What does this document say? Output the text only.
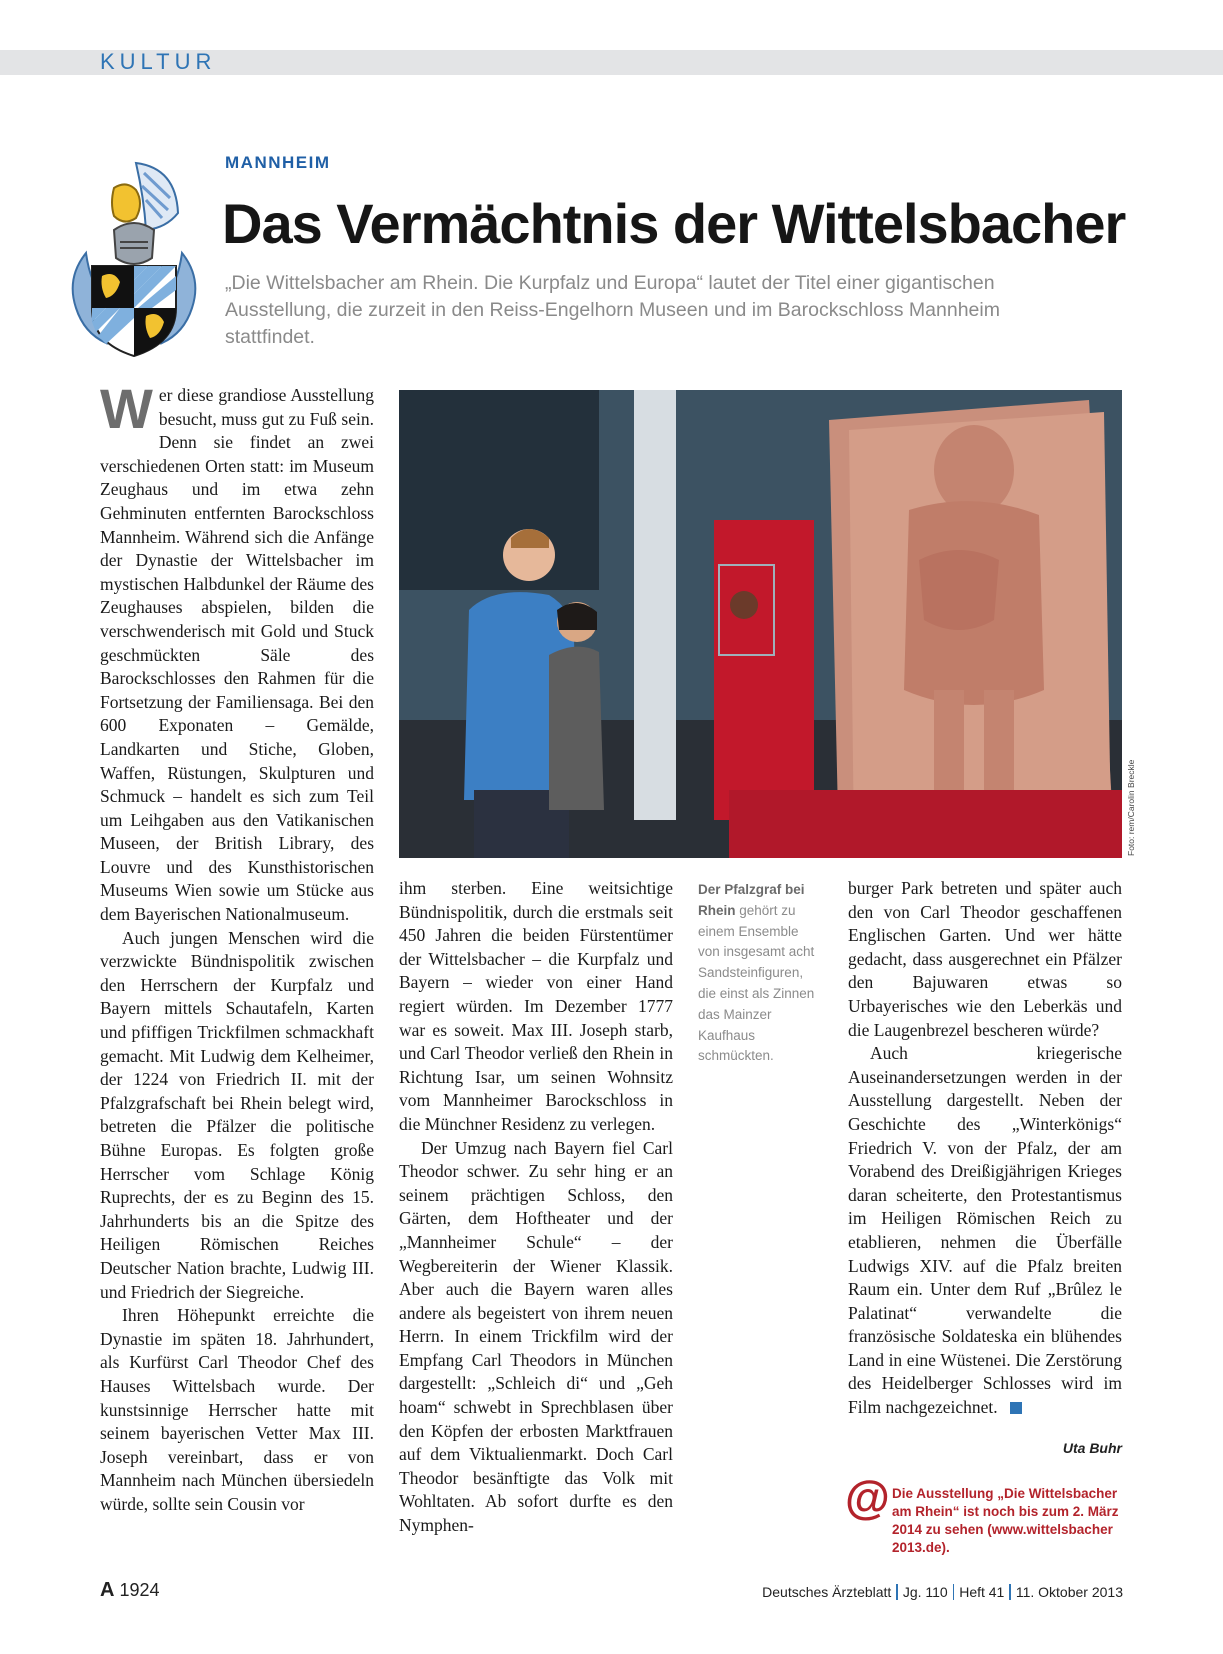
KULTUR
MANNHEIM
Das Vermächtnis der Wittelsbacher
„Die Wittelsbacher am Rhein. Die Kurpfalz und Europa“ lautet der Titel einer gigantischen Ausstellung, die zurzeit in den Reiss-Engelhorn Museen und im Barockschloss Mannheim stattfindet.

Wer diese grandiose Ausstellung besucht, muss gut zu Fuß sein. Denn sie findet an zwei verschiedenen Orten statt: im Museum Zeughaus und im etwa zehn Gehminuten entfernten Barockschloss Mannheim. Während sich die Anfänge der Dynastie der Wittelsbacher im mystischen Halbdunkel der Räume des Zeughauses abspielen, bilden die verschwenderisch mit Gold und Stuck geschmückten Säle des Barockschlosses den Rahmen für die Fortsetzung der Familiensaga. Bei den 600 Exponaten – Gemälde, Landkarten und Stiche, Globen, Waffen, Rüstungen, Skulpturen und Schmuck – handelt es sich zum Teil um Leihgaben aus den Vatikanischen Museen, der British Library, des Louvre und des Kunsthistorischen Museums Wien sowie um Stücke aus dem Bayerischen Nationalmuseum.

Auch jungen Menschen wird die verzwickte Bündnispolitik zwischen den Herrschern der Kurpfalz und Bayern mittels Schautafeln, Karten und pfiffigen Trickfilmen schmackhaft gemacht. Mit Ludwig dem Kelheimer, der 1224 von Friedrich II. mit der Pfalzgrafschaft bei Rhein belegt wird, betreten die Pfälzer die politische Bühne Europas. Es folgten große Herrscher vom Schlage König Ruprechts, der es zu Beginn des 15. Jahrhunderts bis an die Spitze des Heiligen Römischen Reiches Deutscher Nation brachte, Ludwig III. und Friedrich der Siegreiche.

Ihren Höhepunkt erreichte die Dynastie im späten 18. Jahrhundert, als Kurfürst Carl Theodor Chef des Hauses Wittelsbach wurde. Der kunstsinnige Herrscher hatte mit seinem bayerischen Vetter Max III. Joseph vereinbart, dass er von Mannheim nach München übersiedeln würde, sollte sein Cousin vor

Foto: rem/Carolin Breckle
Der Pfalzgraf bei Rhein gehört zu einem Ensemble von insgesamt acht Sandsteinfiguren, die einst als Zinnen das Mainzer Kaufhaus schmückten.

ihm sterben. Eine weitsichtige Bündnispolitik, durch die erstmals seit 450 Jahren die beiden Fürstentümer der Wittelsbacher – die Kurpfalz und Bayern – wieder von einer Hand regiert würden. Im Dezember 1777 war es soweit. Max III. Joseph starb, und Carl Theodor verließ den Rhein in Richtung Isar, um seinen Wohnsitz vom Mannheimer Barockschloss in die Münchner Residenz zu verlegen.

Der Umzug nach Bayern fiel Carl Theodor schwer. Zu sehr hing er an seinem prächtigen Schloss, den Gärten, dem Hoftheater und der „Mannheimer Schule“ – der Wegbereiterin der Wiener Klassik. Aber auch die Bayern waren alles andere als begeistert von ihrem neuen Herrn. In einem Trickfilm wird der Empfang Carl Theodors in München dargestellt: „Schleich di“ und „Geh hoam“ schwebt in Sprechblasen über den Köpfen der erbosten Marktfrauen auf dem Viktualienmarkt. Doch Carl Theodor besänftigte das Volk mit Wohltaten. Ab sofort durfte es den Nymphen-

burger Park betreten und später auch den von Carl Theodor geschaffenen Englischen Garten. Und wer hätte gedacht, dass ausgerechnet ein Pfälzer den Bajuwaren etwas so Urbayerisches wie den Leberkäs und die Laugenbrezel bescheren würde?

Auch kriegerische Auseinandersetzungen werden in der Ausstellung dargestellt. Neben der Geschichte des „Winterkönigs“ Friedrich V. von der Pfalz, der am Vorabend des Dreißigjährigen Krieges daran scheiterte, den Protestantismus im Heiligen Römischen Reich zu etablieren, nehmen die Überfälle Ludwigs XIV. auf die Pfalz breiten Raum ein. Unter dem Ruf „Brûlez le Palatinat“ verwandelte die französische Soldateska ein blühendes Land in eine Wüstenei. Die Zerstörung des Heidelberger Schlosses wird im Film nachgezeichnet.

Uta Buhr
@ Die Ausstellung „Die Wittelsbacher am Rhein“ ist noch bis zum 2. März 2014 zu sehen (www.wittelsbacher 2013.de).
A 1924	Deutsches Ärzteblatt Jg. 110 Heft 41 11. Oktober 2013
